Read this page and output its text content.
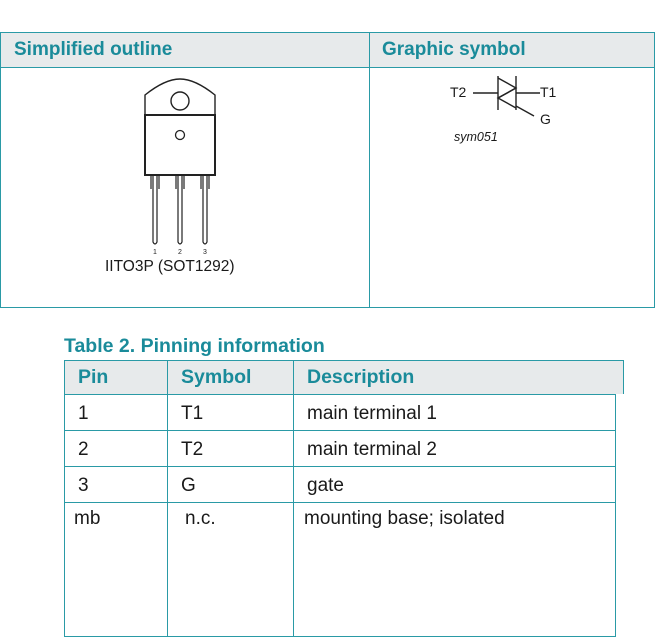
Simplified outline	Graphic symbol
1	2	3
IITO3P (SOT1292)
T2	T1
G
sym051
Table 2. Pinning information
Pin	Symbol	Description
1	T1	main terminal 1
2	T2	main terminal 2
3	G	gate
mb	n.c.	mounting base; isolated
